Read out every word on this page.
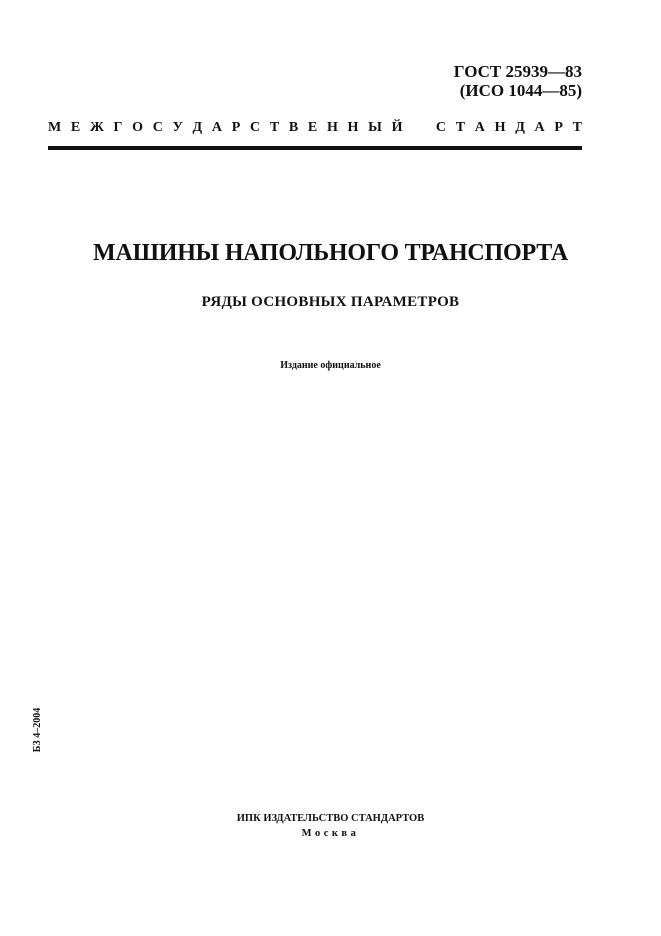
ГОСТ 25939—83
(ИСО 1044—85)
М Е Ж Г О С У Д А Р С Т В Е Н Н Ы Й С Т А Н Д А Р Т
МАШИНЫ НАПОЛЬНОГО ТРАНСПОРТА
РЯДЫ ОСНОВНЫХ ПАРАМЕТРОВ
Издание официальное
БЗ 4–2004
ИПК ИЗДАТЕЛЬСТВО СТАНДАРТОВ
Москва
